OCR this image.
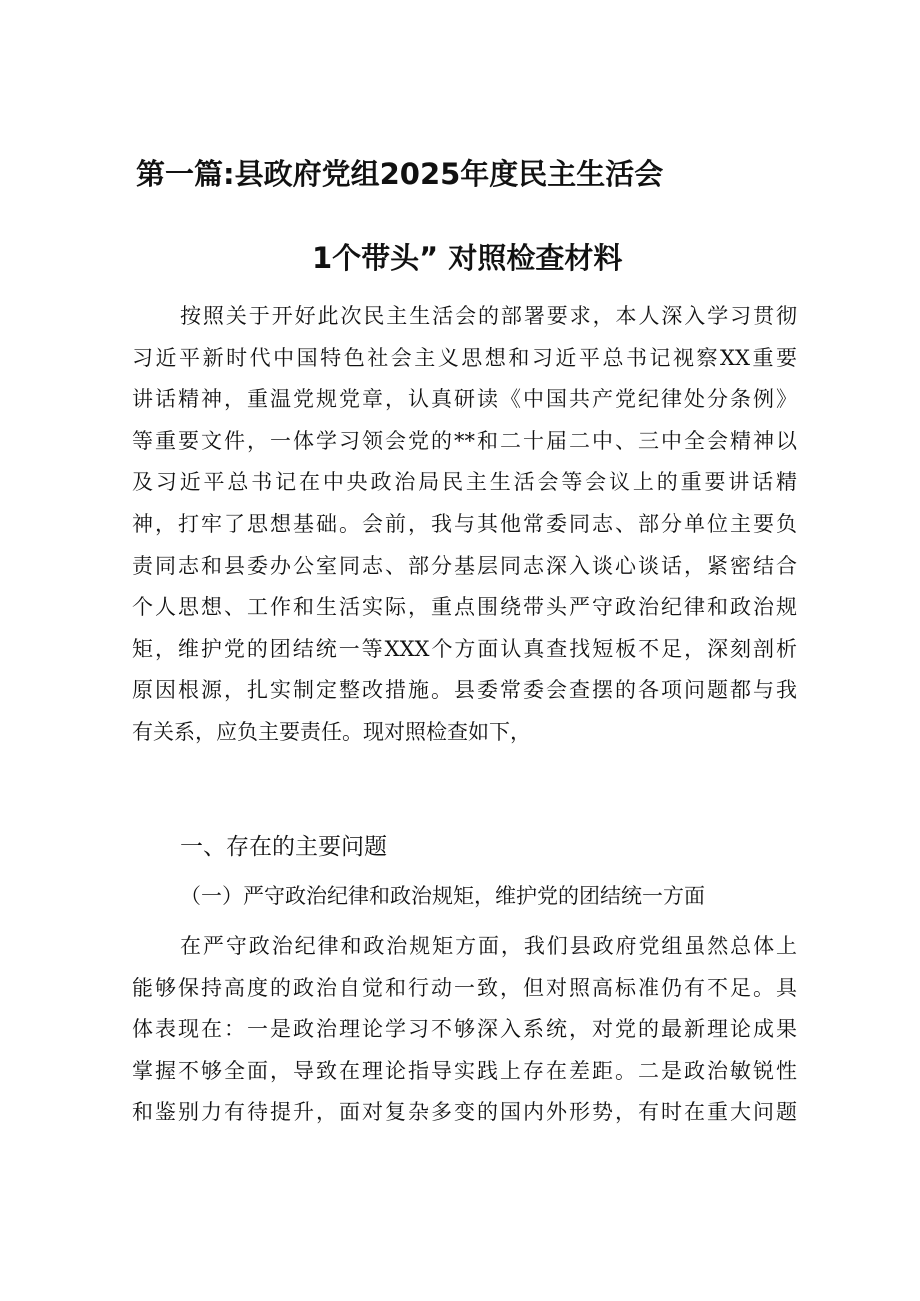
第一篇:县政府党组2025年度民主生活会
1个带头” 对照检查材料
按照关于开好此次民主生活会的部署要求，本人深入学习贯彻
习近平新时代中国特色社会主义思想和习近平总书记视察XX重要
讲话精神，重温党规党章，认真研读《中国共产党纪律处分条例》
等重要文件，一体学习领会党的**和二十届二中、三中全会精神以
及习近平总书记在中央政治局民主生活会等会议上的重要讲话精
神，打牢了思想基础。会前，我与其他常委同志、部分单位主要负
责同志和县委办公室同志、部分基层同志深入谈心谈话，紧密结合
个人思想、工作和生活实际，重点围绕带头严守政治纪律和政治规
矩，维护党的团结统一等XXX个方面认真查找短板不足，深刻剖析
原因根源，扎实制定整改措施。县委常委会查摆的各项问题都与我
有关系，应负主要责任。现对照检查如下，
一、存在的主要问题
（一）严守政治纪律和政治规矩，维护党的团结统一方面
在严守政治纪律和政治规矩方面，我们县政府党组虽然总体上
能够保持高度的政治自觉和行动一致，但对照高标准仍有不足。具
体表现在：一是政治理论学习不够深入系统，对党的最新理论成果
掌握不够全面，导致在理论指导实践上存在差距。二是政治敏锐性
和鉴别力有待提升，面对复杂多变的国内外形势，有时在重大问题
